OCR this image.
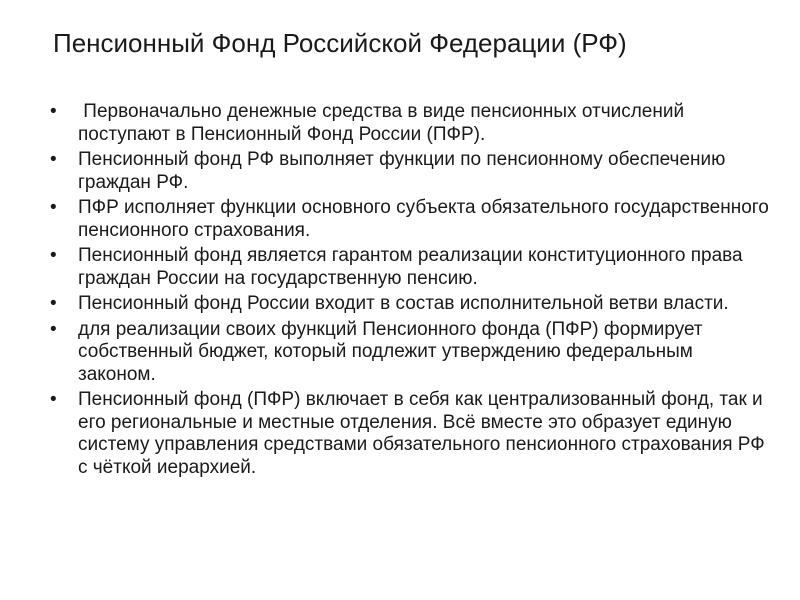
Пенсионный Фонд Российской Федерации (РФ)
•	Первоначально денежные средства в виде пенсионных отчислений поступают в Пенсионный Фонд России (ПФР).
•	Пенсионный фонд РФ выполняет функции по пенсионному обеспечению граждан РФ.
•	ПФР исполняет функции основного субъекта обязательного государственного пенсионного страхования.
•	Пенсионный фонд является гарантом реализации конституционного права граждан России на государственную пенсию.
•	Пенсионный фонд России входит в состав исполнительной ветви власти.
•	для реализации своих функций Пенсионного фонда (ПФР) формирует собственный бюджет, который подлежит утверждению федеральным законом.
•	Пенсионный фонд (ПФР) включает в себя как централизованный фонд, так и его региональные и местные отделения. Всё вместе это образует единую систему управления средствами обязательного пенсионного страхования РФ с чёткой иерархией.
